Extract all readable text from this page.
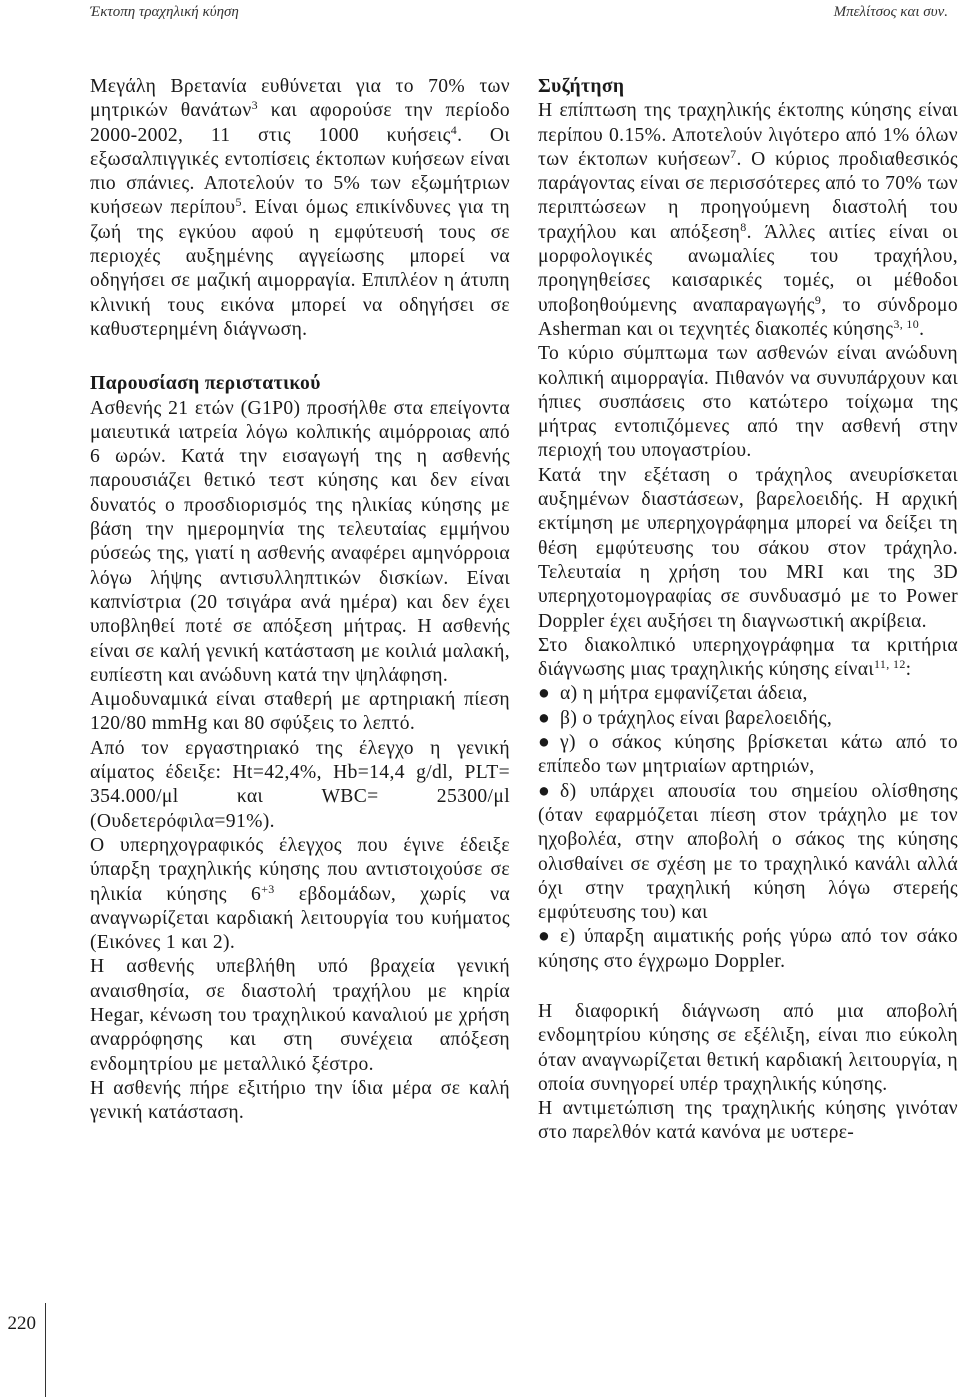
Έκτοπη τραχηλική κύηση	Μπελίτσος και συν.

Μεγάλη Βρετανία ευθύνεται για το 70% των μητρικών θανάτων$^3$ και αφορούσε την περίοδο 2000-2002, 11 στις 1000 κυήσεις$^4$. Οι εξωσαλπιγγικές εντοπίσεις έκτοπων κυήσεων είναι πιο σπάνιες. Αποτελούν το 5% των εξωμήτριων κυήσεων περίπου$^5$. Είναι όμως επικίνδυνες για τη ζωή της εγκύου αφού η εμφύτευσή τους σε περιοχές αυξημένης αγγείωσης μπορεί να οδηγήσει σε μαζική αιμορραγία. Επιπλέον η άτυπη κλινική τους εικόνα μπορεί να οδηγήσει σε καθυστερημένη διάγνωση.

Παρουσίαση περιστατικού

Ασθενής 21 ετών (G1P0) προσήλθε στα επείγοντα μαιευτικά ιατρεία λόγω κολπικής αιμόρροιας από 6 ωρών. Κατά την εισαγωγή της η ασθενής παρουσιάζει θετικό τεστ κύησης και δεν είναι δυνατός ο προσδιορισμός της ηλικίας κύησης με βάση την ημερομηνία της τελευταίας εμμήνου ρύσεώς της, γιατί η ασθενής αναφέρει αμηνόρροια λόγω λήψης αντισυλληπτικών δισκίων. Είναι καπνίστρια (20 τσιγάρα ανά ημέρα) και δεν έχει υποβληθεί ποτέ σε απόξεση μήτρας. Η ασθενής είναι σε καλή γενική κατάσταση με κοιλιά μαλακή, ευπίεστη και ανώδυνη κατά την ψηλάφηση.

Αιμοδυναμικά είναι σταθερή με αρτηριακή πίεση 120/80 mmHg και 80 σφύξεις το λεπτό.

Από τον εργαστηριακό της έλεγχο η γενική αίματος έδειξε: Ht=42,4%, Hb=14,4 g/dl, PLT= 354.000/μl και WBC= 25300/μl (Ουδετερόφιλα=91%).

Ο υπερηχογραφικός έλεγχος που έγινε έδειξε ύπαρξη τραχηλικής κύησης που αντιστοιχούσε σε ηλικία κύησης $6^{+3}$ εβδομάδων, χωρίς να αναγνωρίζεται καρδιακή λειτουργία του κυήματος (Εικόνες 1 και 2).

Η ασθενής υπεβλήθη υπό βραχεία γενική αναισθησία, σε διαστολή τραχήλου με κηρία Hegar, κένωση του τραχηλικού καναλιού με χρήση αναρρόφησης και στη συνέχεια απόξεση ενδομητρίου με μεταλλικό ξέστρο.

Η ασθενής πήρε εξιτήριο την ίδια μέρα σε καλή γενική κατάσταση.

Συζήτηση

Η επίπτωση της τραχηλικής έκτοπης κύησης είναι περίπου 0.15%. Αποτελούν λιγότερο από 1% όλων των έκτοπων κυήσεων$^7$. Ο κύριος προδιαθεσικός παράγοντας είναι σε περισσότερες από το 70% των περιπτώσεων η προηγούμενη διαστολή του τραχήλου και απόξεση$^8$. Άλλες αιτίες είναι οι μορφολογικές ανωμαλίες του τραχήλου, προηγηθείσες καισαρικές τομές, οι μέθοδοι υποβοηθούμενης αναπαραγωγής$^9$, το σύνδρομο Asherman και οι τεχνητές διακοπές κύησης$^{3, 10}$.

Το κύριο σύμπτωμα των ασθενών είναι ανώδυνη κολπική αιμορραγία. Πιθανόν να συνυπάρχουν και ήπιες συσπάσεις στο κατώτερο τοίχωμα της μήτρας εντοπιζόμενες από την ασθενή στην περιοχή του υπογαστρίου.

Κατά την εξέταση ο τράχηλος ανευρίσκεται αυξημένων διαστάσεων, βαρελοειδής. Η αρχική εκτίμηση με υπερηχογράφημα μπορεί να δείξει τη θέση εμφύτευσης του σάκου στον τράχηλο. Τελευταία η χρήση του MRI και της 3D υπερηχοτομογραφίας σε συνδυασμό με το Power Doppler έχει αυξήσει τη διαγνωστική ακρίβεια.

Στο διακολπικό υπερηχογράφημα τα κριτήρια διάγνωσης μιας τραχηλικής κύησης είναι$^{11, 12}$:

● α) η μήτρα εμφανίζεται άδεια,

● β) ο τράχηλος είναι βαρελοειδής,

● γ) ο σάκος κύησης βρίσκεται κάτω από το επίπεδο των μητριαίων αρτηριών,

● δ) υπάρχει απουσία του σημείου ολίσθησης (όταν εφαρμόζεται πίεση στον τράχηλο με τον ηχοβολέα, στην αποβολή ο σάκος της κύησης ολισθαίνει σε σχέση με το τραχηλικό κανάλι αλλά όχι στην τραχηλική κύηση λόγω στερεής εμφύτευσης του) και

● ε) ύπαρξη αιματικής ροής γύρω από τον σάκο κύησης στο έγχρωμο Doppler.

Η διαφορική διάγνωση από μια αποβολή ενδομητρίου κύησης σε εξέλιξη, είναι πιο εύκολη όταν αναγνωρίζεται θετική καρδιακή λειτουργία, η οποία συνηγορεί υπέρ τραχηλικής κύησης.

Η αντιμετώπιση της τραχηλικής κύησης γινόταν στο παρελθόν κατά κανόνα με υστερε-

220
